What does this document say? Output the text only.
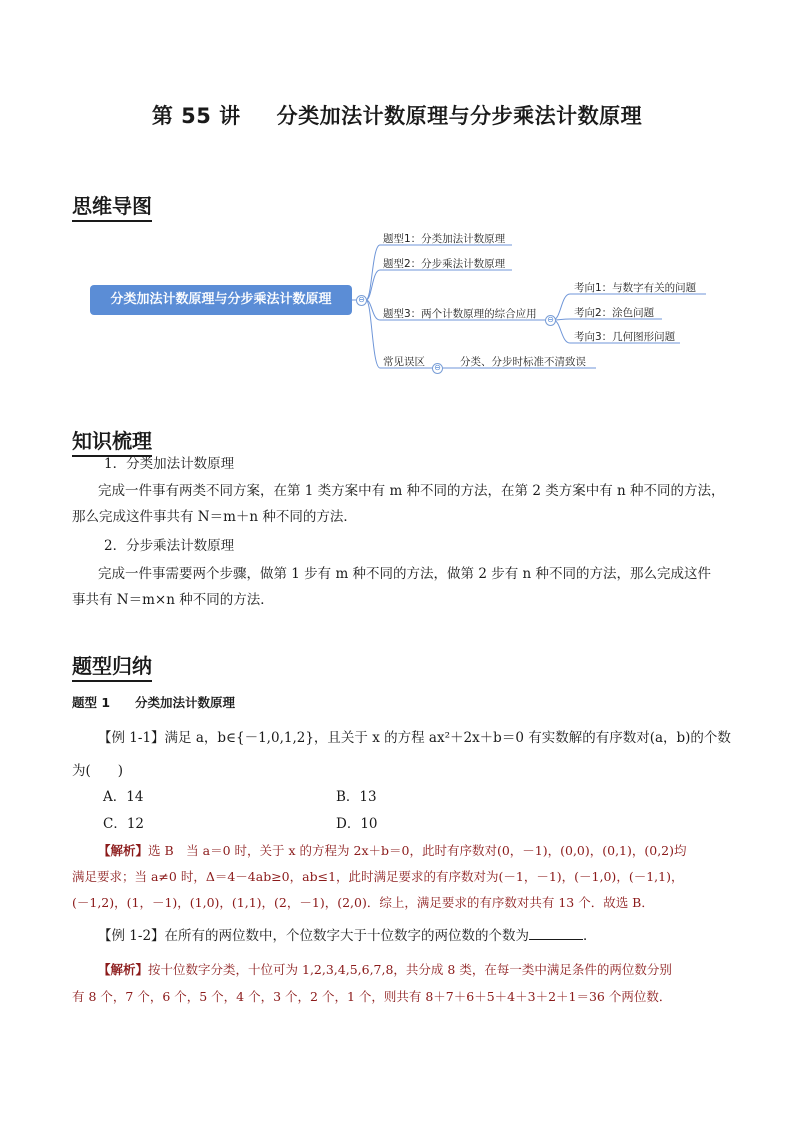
第 55 讲 分类加法计数原理与分步乘法计数原理
思维导图
分类加法计数原理与分步乘法计数原理	⊖
题型1：分类加法计数原理
题型2：分步乘法计数原理
题型3：两个计数原理的综合应用 ⊖
常见误区 ⊖ 分类、分步时标准不清致误
考向1：与数字有关的问题
考向2：涂色问题
考向3：几何图形问题
知识梳理
1．分类加法计数原理
完成一件事有两类不同方案，在第 1 类方案中有 m 种不同的方法，在第 2 类方案中有 n 种不同的方法，
那么完成这件事共有 N＝m＋n 种不同的方法．
2．分步乘法计数原理
完成一件事需要两个步骤，做第 1 步有 m 种不同的方法，做第 2 步有 n 种不同的方法，那么完成这件
事共有 N＝m×n 种不同的方法．
题型归纳
题型 1　　分类加法计数原理
【例 1-1】满足 a，b∈{－1,0,1,2}，且关于 x 的方程 ax²＋2x＋b＝0 有实数解的有序数对(a，b)的个数
为(　　)
A．14	B．13
C．12	D．10
【解析】选 B　当 a＝0 时，关于 x 的方程为 2x＋b＝0，此时有序数对(0，－1)，(0,0)，(0,1)，(0,2)均
满足要求；当 a≠0 时，Δ＝4－4ab≥0，ab≤1，此时满足要求的有序数对为(－1，－1)，(－1,0)，(－1,1)，
(－1,2)，(1，－1)，(1,0)，(1,1)，(2，－1)，(2,0)．综上，满足要求的有序数对共有 13 个．故选 B．
【例 1-2】在所有的两位数中，个位数字大于十位数字的两位数的个数为	．
【解析】按十位数字分类，十位可为 1,2,3,4,5,6,7,8，共分成 8 类，在每一类中满足条件的两位数分别
有 8 个，7 个，6 个，5 个，4 个，3 个，2 个，1 个，则共有 8＋7＋6＋5＋4＋3＋2＋1＝36 个两位数．
